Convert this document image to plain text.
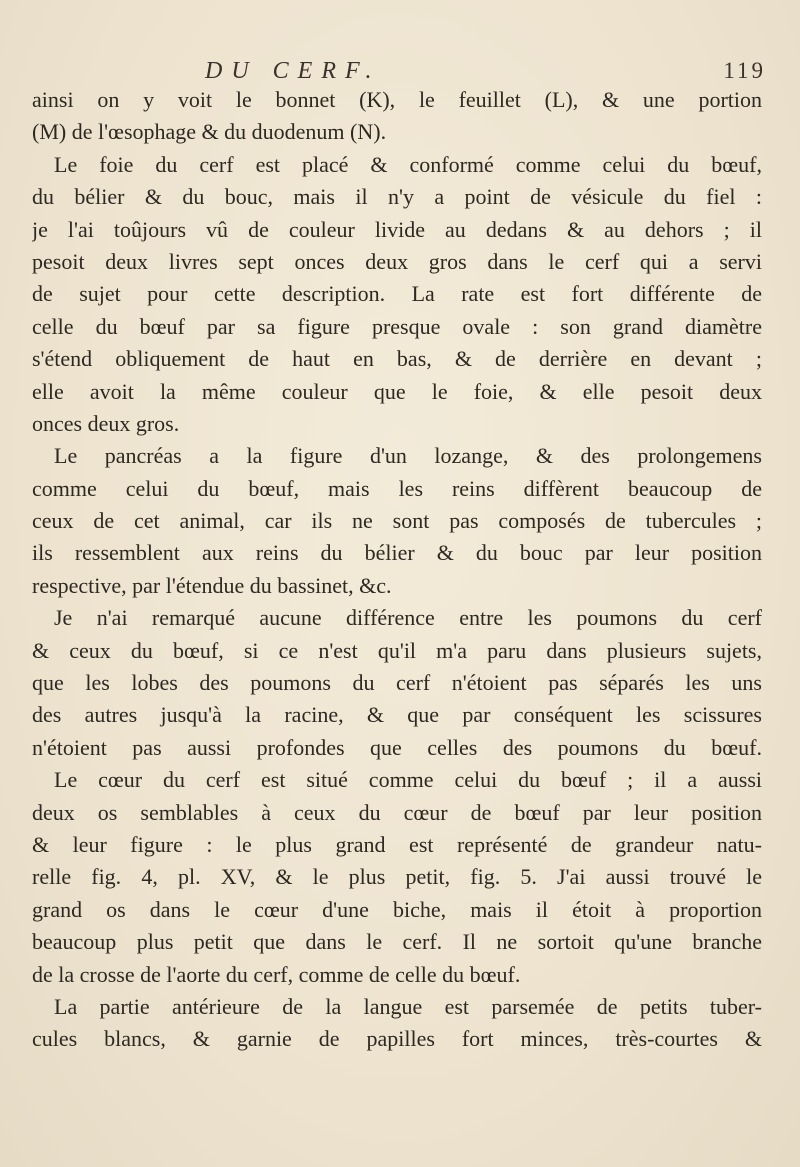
DU CERF.	119
ainsi on y voit le bonnet (K), le feuillet (L), & une portion
(M) de l'œsophage & du duodenum (N).
Le foie du cerf est placé & conformé comme celui du bœuf,
du bélier & du bouc, mais il n'y a point de vésicule du fiel :
je l'ai toûjours vû de couleur livide au dedans & au dehors ; il
pesoit deux livres sept onces deux gros dans le cerf qui a servi
de sujet pour cette description. La rate est fort différente de
celle du bœuf par sa figure presque ovale : son grand diamètre
s'étend obliquement de haut en bas, & de derrière en devant ;
elle avoit la même couleur que le foie, & elle pesoit deux
onces deux gros.
Le pancréas a la figure d'un lozange, & des prolongemens
comme celui du bœuf, mais les reins diffèrent beaucoup de
ceux de cet animal, car ils ne sont pas composés de tubercules ;
ils ressemblent aux reins du bélier & du bouc par leur position
respective, par l'étendue du bassinet, &c.
Je n'ai remarqué aucune différence entre les poumons du cerf
& ceux du bœuf, si ce n'est qu'il m'a paru dans plusieurs sujets,
que les lobes des poumons du cerf n'étoient pas séparés les uns
des autres jusqu'à la racine, & que par conséquent les scissures
n'étoient pas aussi profondes que celles des poumons du bœuf.
Le cœur du cerf est situé comme celui du bœuf ; il a aussi
deux os semblables à ceux du cœur de bœuf par leur position
& leur figure : le plus grand est représenté de grandeur natu-
relle fig. 4, pl. XV, & le plus petit, fig. 5. J'ai aussi trouvé le
grand os dans le cœur d'une biche, mais il étoit à proportion
beaucoup plus petit que dans le cerf. Il ne sortoit qu'une branche
de la crosse de l'aorte du cerf, comme de celle du bœuf.
La partie antérieure de la langue est parsemée de petits tuber-
cules blancs, & garnie de papilles fort minces, très-courtes &
